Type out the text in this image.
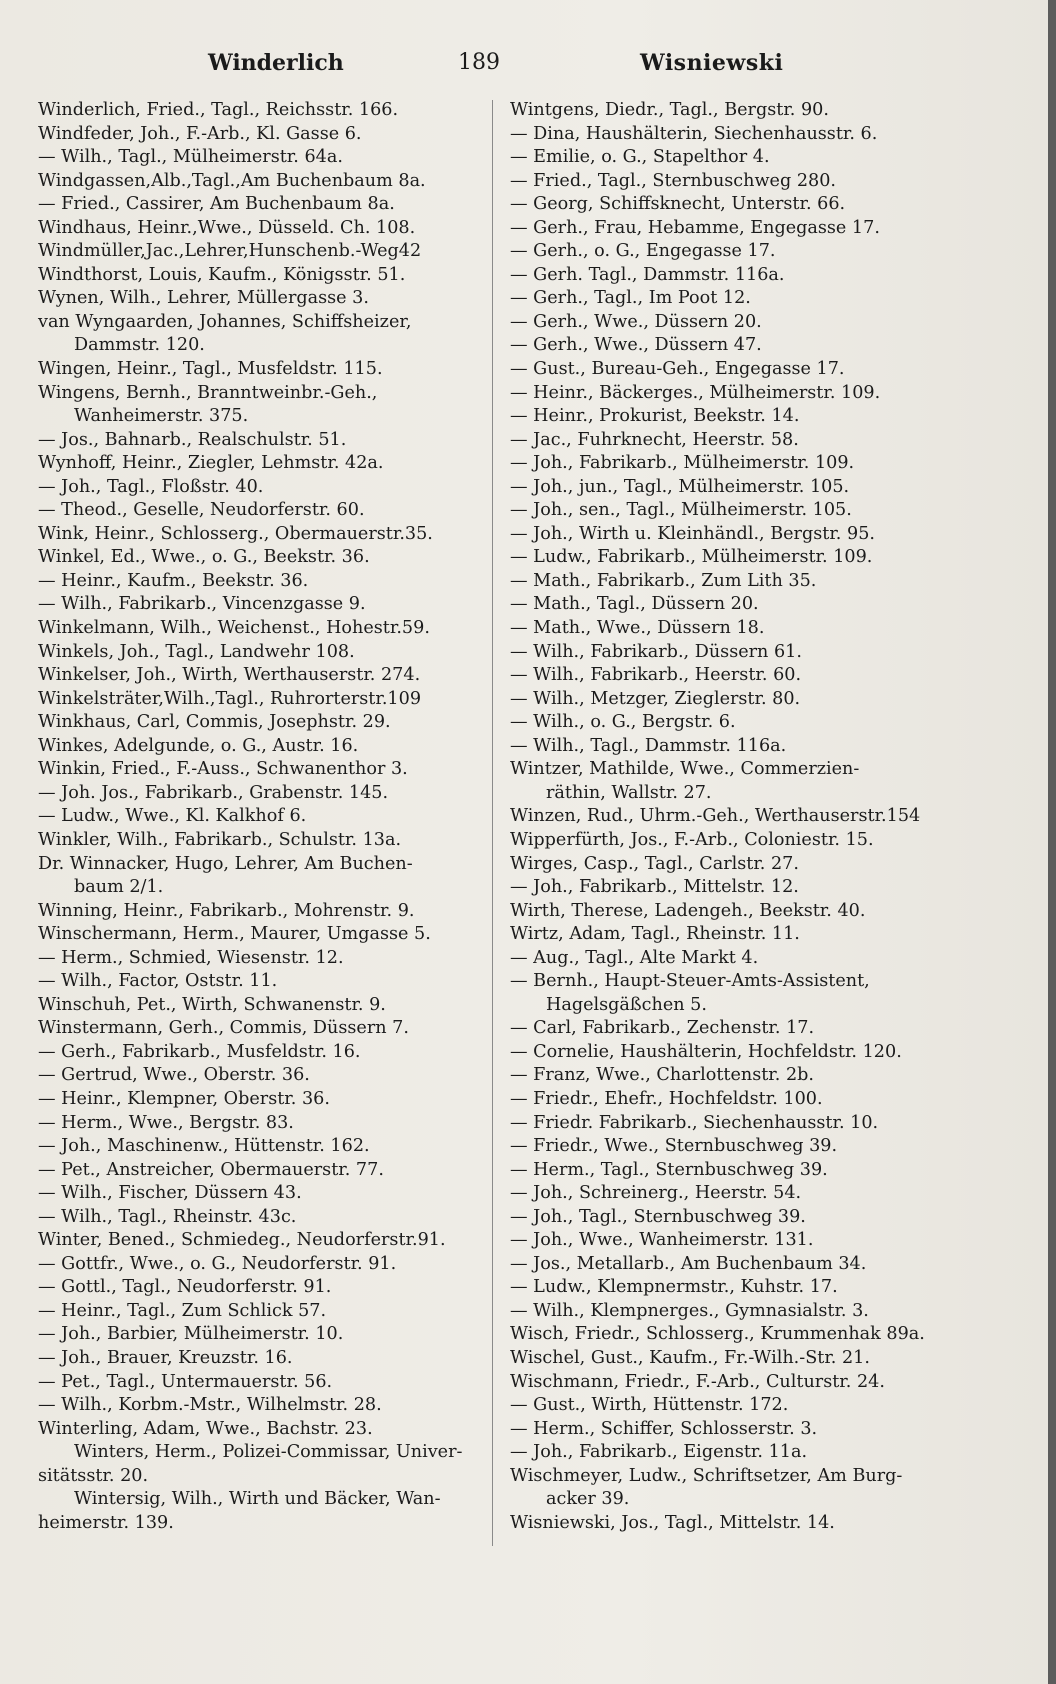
Winderlich	189	Wisniewski
Winderlich, Fried., Tagl., Reichsstr. 166.
Windfeder, Joh., F.-Arb., Kl. Gasse 6.
— Wilh., Tagl., Mülheimerstr. 64a.
Windgassen,Alb.,Tagl.,Am Buchenbaum 8a.
— Fried., Cassirer, Am Buchenbaum 8a.
Windhaus, Heinr.,Wwe., Düsseld. Ch. 108.
Windmüller,Jac.,Lehrer,Hunschenb.-Weg42
Windthorst, Louis, Kaufm., Königsstr. 51.
Wynen, Wilh., Lehrer, Müllergasse 3.
van Wyngaarden, Johannes, Schiffsheizer,
Dammstr. 120.
Wingen, Heinr., Tagl., Musfeldstr. 115.
Wingens, Bernh., Branntweinbr.-Geh.,
Wanheimerstr. 375.
— Jos., Bahnarb., Realschulstr. 51.
Wynhoff, Heinr., Ziegler, Lehmstr. 42a.
— Joh., Tagl., Floßstr. 40.
— Theod., Geselle, Neudorferstr. 60.
Wink, Heinr., Schlosserg., Obermauerstr.35.
Winkel, Ed., Wwe., o. G., Beekstr. 36.
— Heinr., Kaufm., Beekstr. 36.
— Wilh., Fabrikarb., Vincenzgasse 9.
Winkelmann, Wilh., Weichenst., Hohestr.59.
Winkels, Joh., Tagl., Landwehr 108.
Winkelser, Joh., Wirth, Werthauserstr. 274.
Winkelsträter,Wilh.,Tagl., Ruhrorterstr.109
Winkhaus, Carl, Commis, Josephstr. 29.
Winkes, Adelgunde, o. G., Austr. 16.
Winkin, Fried., F.-Auss., Schwanenthor 3.
— Joh. Jos., Fabrikarb., Grabenstr. 145.
— Ludw., Wwe., Kl. Kalkhof 6.
Winkler, Wilh., Fabrikarb., Schulstr. 13a.
Dr. Winnacker, Hugo, Lehrer, Am Buchen-
baum 2/1.
Winning, Heinr., Fabrikarb., Mohrenstr. 9.
Winschermann, Herm., Maurer, Umgasse 5.
— Herm., Schmied, Wiesenstr. 12.
— Wilh., Factor, Oststr. 11.
Winschuh, Pet., Wirth, Schwanenstr. 9.
Winstermann, Gerh., Commis, Düssern 7.
— Gerh., Fabrikarb., Musfeldstr. 16.
— Gertrud, Wwe., Oberstr. 36.
— Heinr., Klempner, Oberstr. 36.
— Herm., Wwe., Bergstr. 83.
— Joh., Maschinenw., Hüttenstr. 162.
— Pet., Anstreicher, Obermauerstr. 77.
— Wilh., Fischer, Düssern 43.
— Wilh., Tagl., Rheinstr. 43c.
Winter, Bened., Schmiedeg., Neudorferstr.91.
— Gottfr., Wwe., o. G., Neudorferstr. 91.
— Gottl., Tagl., Neudorferstr. 91.
— Heinr., Tagl., Zum Schlick 57.
— Joh., Barbier, Mülheimerstr. 10.
— Joh., Brauer, Kreuzstr. 16.
— Pet., Tagl., Untermauerstr. 56.
— Wilh., Korbm.-Mstr., Wilhelmstr. 28.
Winterling, Adam, Wwe., Bachstr. 23.
Winters, Herm., Polizei-Commissar, Univer-
sitätsstr. 20.
Wintersig, Wilh., Wirth und Bäcker, Wan-
heimerstr. 139.
Wintgens, Diedr., Tagl., Bergstr. 90.
— Dina, Haushälterin, Siechenhausstr. 6.
— Emilie, o. G., Stapelthor 4.
— Fried., Tagl., Sternbuschweg 280.
— Georg, Schiffsknecht, Unterstr. 66.
— Gerh., Frau, Hebamme, Engegasse 17.
— Gerh., o. G., Engegasse 17.
— Gerh. Tagl., Dammstr. 116a.
— Gerh., Tagl., Im Poot 12.
— Gerh., Wwe., Düssern 20.
— Gerh., Wwe., Düssern 47.
— Gust., Bureau-Geh., Engegasse 17.
— Heinr., Bäckerges., Mülheimerstr. 109.
— Heinr., Prokurist, Beekstr. 14.
— Jac., Fuhrknecht, Heerstr. 58.
— Joh., Fabrikarb., Mülheimerstr. 109.
— Joh., jun., Tagl., Mülheimerstr. 105.
— Joh., sen., Tagl., Mülheimerstr. 105.
— Joh., Wirth u. Kleinhändl., Bergstr. 95.
— Ludw., Fabrikarb., Mülheimerstr. 109.
— Math., Fabrikarb., Zum Lith 35.
— Math., Tagl., Düssern 20.
— Math., Wwe., Düssern 18.
— Wilh., Fabrikarb., Düssern 61.
— Wilh., Fabrikarb., Heerstr. 60.
— Wilh., Metzger, Zieglerstr. 80.
— Wilh., o. G., Bergstr. 6.
— Wilh., Tagl., Dammstr. 116a.
Wintzer, Mathilde, Wwe., Commerzien-
räthin, Wallstr. 27.
Winzen, Rud., Uhrm.-Geh., Werthauserstr.154
Wipperfürth, Jos., F.-Arb., Coloniestr. 15.
Wirges, Casp., Tagl., Carlstr. 27.
— Joh., Fabrikarb., Mittelstr. 12.
Wirth, Therese, Ladengeh., Beekstr. 40.
Wirtz, Adam, Tagl., Rheinstr. 11.
— Aug., Tagl., Alte Markt 4.
— Bernh., Haupt-Steuer-Amts-Assistent,
Hagelsgäßchen 5.
— Carl, Fabrikarb., Zechenstr. 17.
— Cornelie, Haushälterin, Hochfeldstr. 120.
— Franz, Wwe., Charlottenstr. 2b.
— Friedr., Ehefr., Hochfeldstr. 100.
— Friedr. Fabrikarb., Siechenhausstr. 10.
— Friedr., Wwe., Sternbuschweg 39.
— Herm., Tagl., Sternbuschweg 39.
— Joh., Schreinerg., Heerstr. 54.
— Joh., Tagl., Sternbuschweg 39.
— Joh., Wwe., Wanheimerstr. 131.
— Jos., Metallarb., Am Buchenbaum 34.
— Ludw., Klempnermstr., Kuhstr. 17.
— Wilh., Klempnerges., Gymnasialstr. 3.
Wisch, Friedr., Schlosserg., Krummenhak 89a.
Wischel, Gust., Kaufm., Fr.-Wilh.-Str. 21.
Wischmann, Friedr., F.-Arb., Culturstr. 24.
— Gust., Wirth, Hüttenstr. 172.
— Herm., Schiffer, Schlosserstr. 3.
— Joh., Fabrikarb., Eigenstr. 11a.
Wischmeyer, Ludw., Schriftsetzer, Am Burg-
acker 39.
Wisniewski, Jos., Tagl., Mittelstr. 14.
